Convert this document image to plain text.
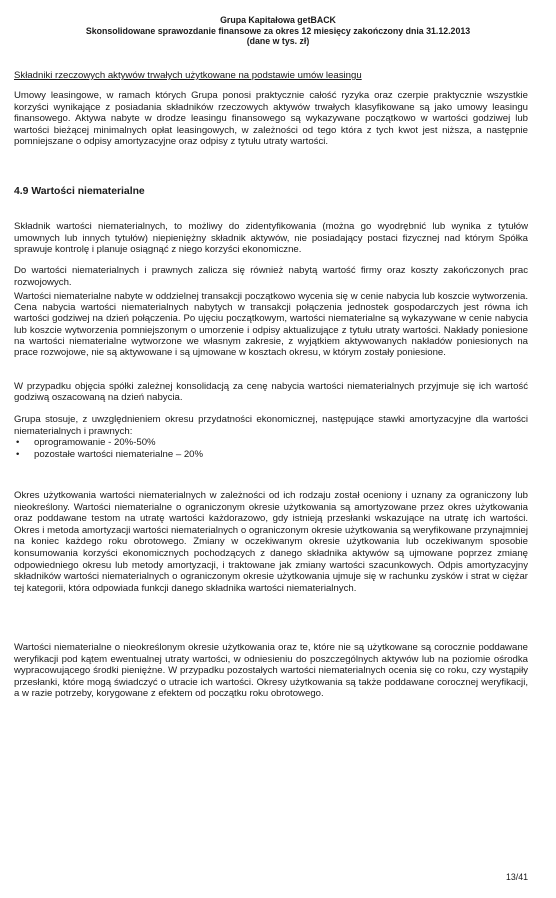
Grupa Kapitałowa getBACK
Skonsolidowane sprawozdanie finansowe za okres 12 miesięcy zakończony dnia 31.12.2013
(dane w tys. zł)
Składniki rzeczowych aktywów trwałych użytkowane na podstawie umów leasingu
Umowy leasingowe, w ramach których Grupa ponosi praktycznie całość ryzyka oraz czerpie praktycznie wszystkie korzyści wynikające z posiadania składników rzeczowych aktywów trwałych klasyfikowane są jako umowy leasingu finansowego. Aktywa nabyte w drodze leasingu finansowego są wykazywane początkowo w wartości godziwej lub wartości bieżącej minimalnych opłat leasingowych, w zależności od tego która z tych kwot jest niższa, a następnie pomniejszane o odpisy amortyzacyjne oraz odpisy z tytułu utraty wartości.
4.9 Wartości niematerialne
Składnik wartości niematerialnych, to możliwy do zidentyfikowania (można go wyodrębnić lub wynika z tytułów umownych lub innych tytułów) niepieniężny składnik aktywów, nie posiadający postaci fizycznej nad którym Spółka sprawuje kontrolę i planuje osiągnąć z niego korzyści ekonomiczne.
Do wartości niematerialnych i prawnych zalicza się również nabytą wartość firmy oraz koszty zakończonych prac rozwojowych.
Wartości niematerialne nabyte w oddzielnej transakcji początkowo wycenia się w cenie nabycia lub koszcie wytworzenia. Cena nabycia wartości niematerialnych nabytych w transakcji połączenia jednostek gospodarczych jest równa ich wartości godziwej na dzień połączenia. Po ujęciu początkowym, wartości niematerialne są wykazywane w cenie nabycia lub koszcie wytworzenia pomniejszonym o umorzenie i odpisy aktualizujące z tytułu utraty wartości. Nakłady poniesione na wartości niematerialne wytworzone we własnym zakresie, z wyjątkiem aktywowanych nakładów poniesionych na prace rozwojowe, nie są aktywowane i są ujmowane w kosztach okresu, w którym zostały poniesione.
W przypadku objęcia spółki zależnej konsolidacją za cenę nabycia wartości niematerialnych przyjmuje się ich wartość godziwą oszacowaną na dzień nabycia.
Grupa stosuje, z uwzględnieniem okresu przydatności ekonomicznej, następujące stawki amortyzacyjne dla wartości niematerialnych i prawnych:
• oprogramowanie - 20%-50%
• pozostałe wartości niematerialne – 20%
Okres użytkowania wartości niematerialnych w zależności od ich rodzaju został oceniony i uznany za ograniczony lub nieokreślony. Wartości niematerialne o ograniczonym okresie użytkowania są amortyzowane przez okres użytkowania oraz poddawane testom na utratę wartości każdorazowo, gdy istnieją przesłanki wskazujące na utratę ich wartości. Okres i metoda amortyzacji wartości niematerialnych o ograniczonym okresie użytkowania są weryfikowane przynajmniej na koniec każdego roku obrotowego. Zmiany w oczekiwanym okresie użytkowania lub oczekiwanym sposobie konsumowania korzyści ekonomicznych pochodzących z danego składnika aktywów są ujmowane poprzez zmianę odpowiedniego okresu lub metody amortyzacji, i traktowane jak zmiany wartości szacunkowych. Odpis amortyzacyjny składników wartości niematerialnych o ograniczonym okresie użytkowania ujmuje się w rachunku zysków i strat w ciężar tej kategorii, która odpowiada funkcji danego składnika wartości niematerialnych.
Wartości niematerialne o nieokreślonym okresie użytkowania oraz te, które nie są użytkowane są corocznie poddawane weryfikacji pod kątem ewentualnej utraty wartości, w odniesieniu do poszczególnych aktywów lub na poziomie ośrodka wypracowującego środki pieniężne. W przypadku pozostałych wartości niematerialnych ocenia się co roku, czy wystąpiły przesłanki, które mogą świadczyć o utracie ich wartości. Okresy użytkowania są także poddawane corocznej weryfikacji, a w razie potrzeby, korygowane z efektem od początku roku obrotowego.
13/41
